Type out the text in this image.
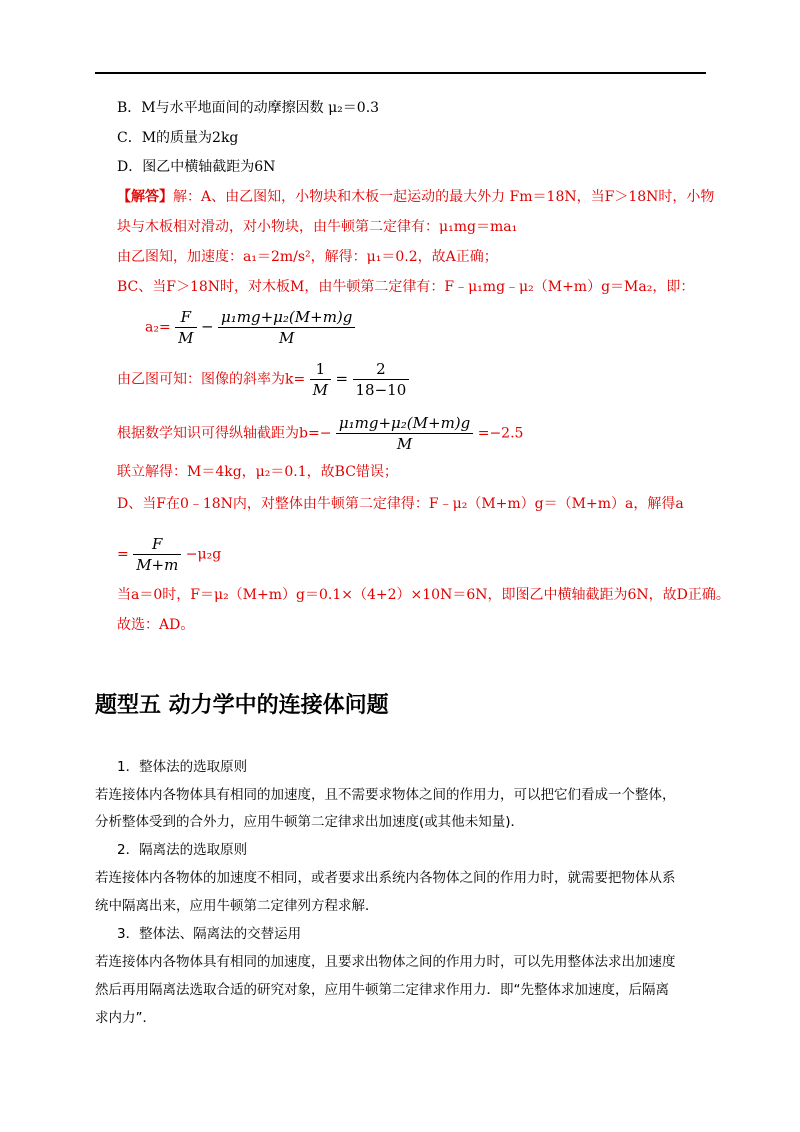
B．M与水平地面间的动摩擦因数 μ₂＝0.3
C．M的质量为2kg
D．图乙中横轴截距为6N
【解答】解：A、由乙图知，小物块和木板一起运动的最大外力 Fm＝18N，当F＞18N时，小物
块与木板相对滑动，对小物块，由牛顿第二定律有：μ₁mg＝ma₁
由乙图知，加速度：a₁＝2m/s²，解得：μ₁＝0.2，故A正确；
BC、当F＞18N时，对木板M，由牛顿第二定律有：F﹣μ₁mg﹣μ₂（M+m）g＝Ma₂，即：
$a_2= \frac{F}{M} - \frac{\text{μ₁mg+μ₂(M+m)g}}{M}$
由乙图可知：图像的斜率为$k= \frac{1}{M} = \frac{2}{18-10}$
根据数学知识可得纵轴截距为$b=- \frac{\text{μ₁mg+μ₂(M+m)g}}{M} =-2.5$
联立解得：M＝4kg，μ₂＝0.1，故BC错误；
D、当F在0﹣18N内，对整体由牛顿第二定律得：F﹣μ₂（M+m）g＝（M+m）a，解得a
= $\frac{F}{M+m} -\mu_2g$
当a＝0时，F＝μ₂（M+m）g＝0.1×（4+2）×10N＝6N，即图乙中横轴截距为6N，故D正确。
故选：AD。
题型五 动力学中的连接体问题
1．整体法的选取原则
若连接体内各物体具有相同的加速度，且不需要求物体之间的作用力，可以把它们看成一个整体，
分析整体受到的合外力，应用牛顿第二定律求出加速度(或其他未知量)．
2．隔离法的选取原则
若连接体内各物体的加速度不相同，或者要求出系统内各物体之间的作用力时，就需要把物体从系
统中隔离出来，应用牛顿第二定律列方程求解．
3．整体法、隔离法的交替运用
若连接体内各物体具有相同的加速度，且要求出物体之间的作用力时，可以先用整体法求出加速度
然后再用隔离法选取合适的研究对象，应用牛顿第二定律求作用力．即“先整体求加速度，后隔离
求内力”．
